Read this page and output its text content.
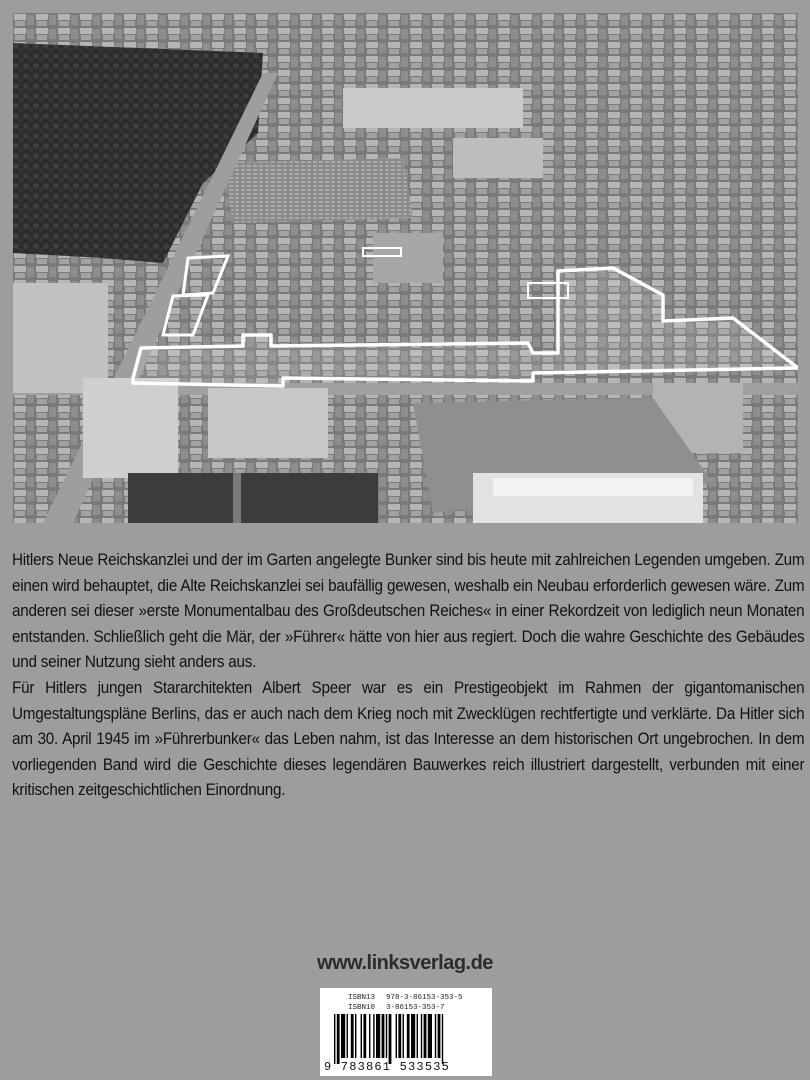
Hitlers Neue Reichskanzlei und der im Garten angelegte Bunker sind bis heute mit zahlreichen Legenden umgeben. Zum einen wird behauptet, die Alte Reichskanzlei sei baufällig gewesen, weshalb ein Neubau erforderlich gewesen wäre. Zum anderen sei dieser »erste Monumentalbau des Großdeutschen Reiches« in einer Rekordzeit von lediglich neun Monaten entstanden. Schließlich geht die Mär, der »Führer« hätte von hier aus regiert. Doch die wahre Geschichte des Gebäudes und seiner Nutzung sieht anders aus.

Für Hitlers jungen Stararchitekten Albert Speer war es ein Prestigeobjekt im Rahmen der gigantomanischen Umgestaltungspläne Berlins, das er auch nach dem Krieg noch mit Zwecklügen rechtfertigte und verklärte. Da Hitler sich am 30. April 1945 im »Führerbunker« das Leben nahm, ist das Interesse an dem historischen Ort ungebrochen. In dem vorliegenden Band wird die Geschichte dieses legendären Bauwerkes reich illustriert dargestellt, verbunden mit einer kritischen zeitgeschichtlichen Einordnung.

www.linksverlag.de
ISBN13 978-3-86153-353-5
ISBN10 3-86153-353-7
9 783861 533535
